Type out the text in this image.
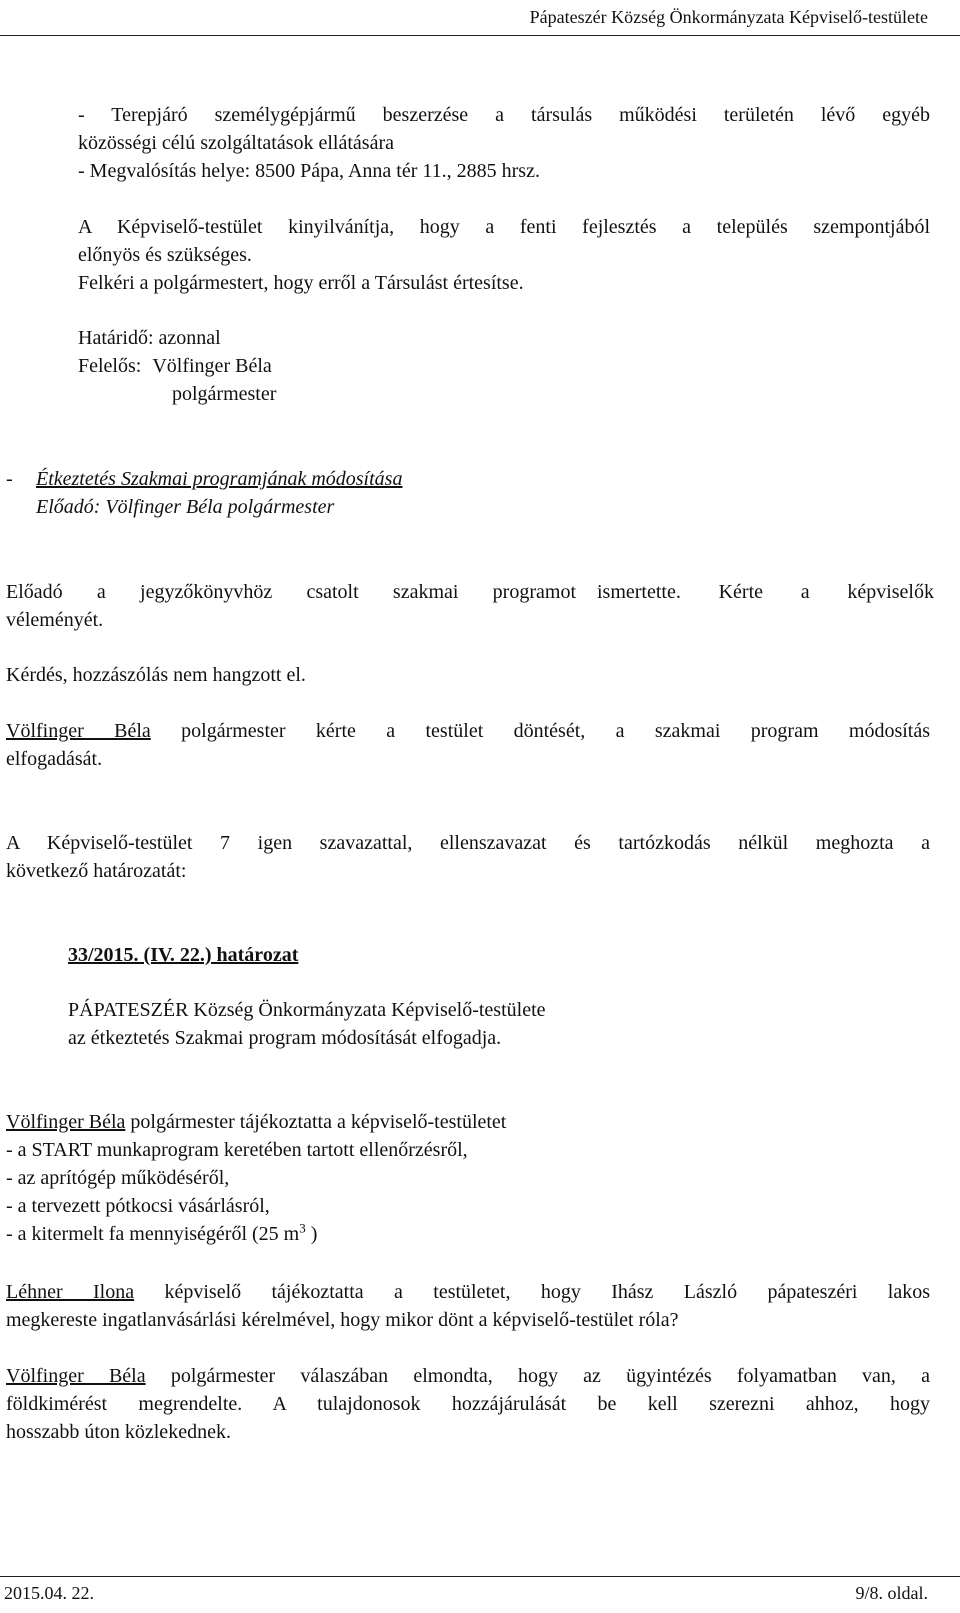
Pápateszér Község Önkormányzata Képviselő-testülete
- Terepjáró személygépjármű beszerzése a társulás működési területén lévő egyéb
közösségi célú szolgáltatások ellátására
- Megvalósítás helye: 8500 Pápa, Anna tér 11., 2885 hrsz.
A Képviselő-testület kinyilvánítja, hogy a fenti fejlesztés a település szempontjából
előnyös és szükséges.
Felkéri a polgármestert, hogy erről a Társulást értesítse.
Határidő: azonnal
Felelős: Völfinger Béla
polgármester
-	Étkeztetés Szakmai programjának módosítása
Előadó: Völfinger Béla polgármester
Előadó a jegyzőkönyvhöz csatolt szakmai programot ismertette. Kérte a képviselők
véleményét.
Kérdés, hozzászólás nem hangzott el.
Völfinger Béla polgármester kérte a testület döntését, a szakmai program módosítás
elfogadását.
A Képviselő-testület 7 igen szavazattal, ellenszavazat és tartózkodás nélkül meghozta a
következő határozatát:
33/2015. (IV. 22.) határozat
PÁPATESZÉR Község Önkormányzata Képviselő-testülete
az étkeztetés Szakmai program módosítását elfogadja.
Völfinger Béla polgármester tájékoztatta a képviselő-testületet
- a START munkaprogram keretében tartott ellenőrzésről,
- az aprítógép működéséről,
- a tervezett pótkocsi vásárlásról,
- a kitermelt fa mennyiségéről (25 $m^3$ )
Léhner Ilona képviselő tájékoztatta a testületet, hogy Ihász László pápateszéri lakos
megkereste ingatlanvásárlási kérelmével, hogy mikor dönt a képviselő-testület róla?
Völfinger Béla polgármester válaszában elmondta, hogy az ügyintézés folyamatban van, a
földkimérést megrendelte. A tulajdonosok hozzájárulását be kell szerezni ahhoz, hogy
hosszabb úton közlekednek.
2015.04. 22.	9/8. oldal.
